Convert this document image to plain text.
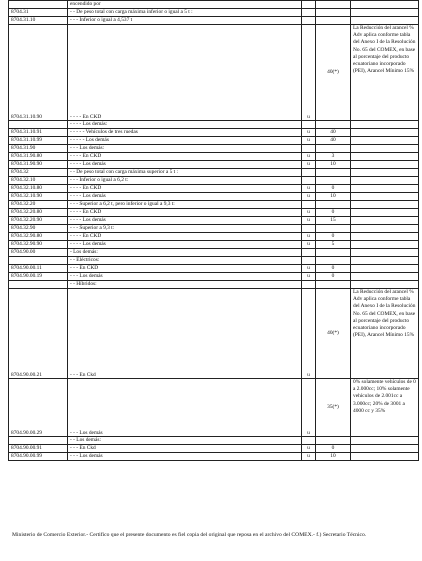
	encendido por			
8704.31	- - De peso total con carga máxima inferior o igual a 5 t :			
8704.31.10	- - - Inferior o igual a 4,537 t			
8704.31.10.90	- - - - En CKD	u	40(*)	La Reducción del arancel % Adv aplica conforme tabla del Anexo I de la Resolución No. 65 del COMEX, en base al porcentaje del producto ecuatoriano incorporado (PEI), Arancel Mínimo 15%

	- - - - Los demás:			
8704.31.10.91	- - - - - Vehículos de tres ruedas	u	40	
8704.31.10.99	- - - - - Los demás	u	40	
8704.31.90	- - - Los demás:			
8704.31.90.80	- - - - En CKD	u	3	
8704.31.90.90	- - - - Los demás	u	10	
8704.32	- - De peso total con carga máxima superior a 5 t :			
8704.32.10	- - - Inferior o igual a 6,2 t:			
8704.32.10.80	- - - - En CKD	u	0	
8704.32.10.90	- - - - Los demás	u	10	
8704.32.20	- - - Superior a 6,2 t, pero inferior o igual a 9,3 t:			
8704.32.20.80	- - - - En CKD	u	0	
8704.32.20.90	- - - - Los demás	u	15	
8704.32.90	- - - Superior a 9,3 t:			
8704.32.90.80	- - - - En CKD	u	0	
8704.32.90.90	- - - - Los demás	u	5	
8704.90.00	- Los demás:			
	- - Eléctricos:			
8704.90.00.11	- - - En CKD	u	0	
8704.90.00.19	- - - Los demás	u	0	
	- - Híbridos:			
8704.90.00.21	- - - En Ckd	u	40(*)	La Reducción del arancel % Adv aplica conforme tabla del Anexo I de la Resolución No. 65 del COMEX, en base al porcentaje del producto ecuatoriano incorporado (PEI), Arancel Mínimo 15%

8704.90.00.29	- - - Los demás	u	35(*)	0% solamente vehículos de 0 a 2.000cc; 10% solamente vehículos de 2.001cc a 3.000cc; 20% de 3001 a 4000 cc y 35%

	- - Los demás:			
8704.90.00.91	- - - En Ckd	u	0	
8704.90.00.99	- - - Los demás	u	10	
Ministerio de Comercio Exterior.- Certifico que el presente documento es fiel copia del original que reposa en el archivo del COMEX.- f.) Secretario Técnico.
